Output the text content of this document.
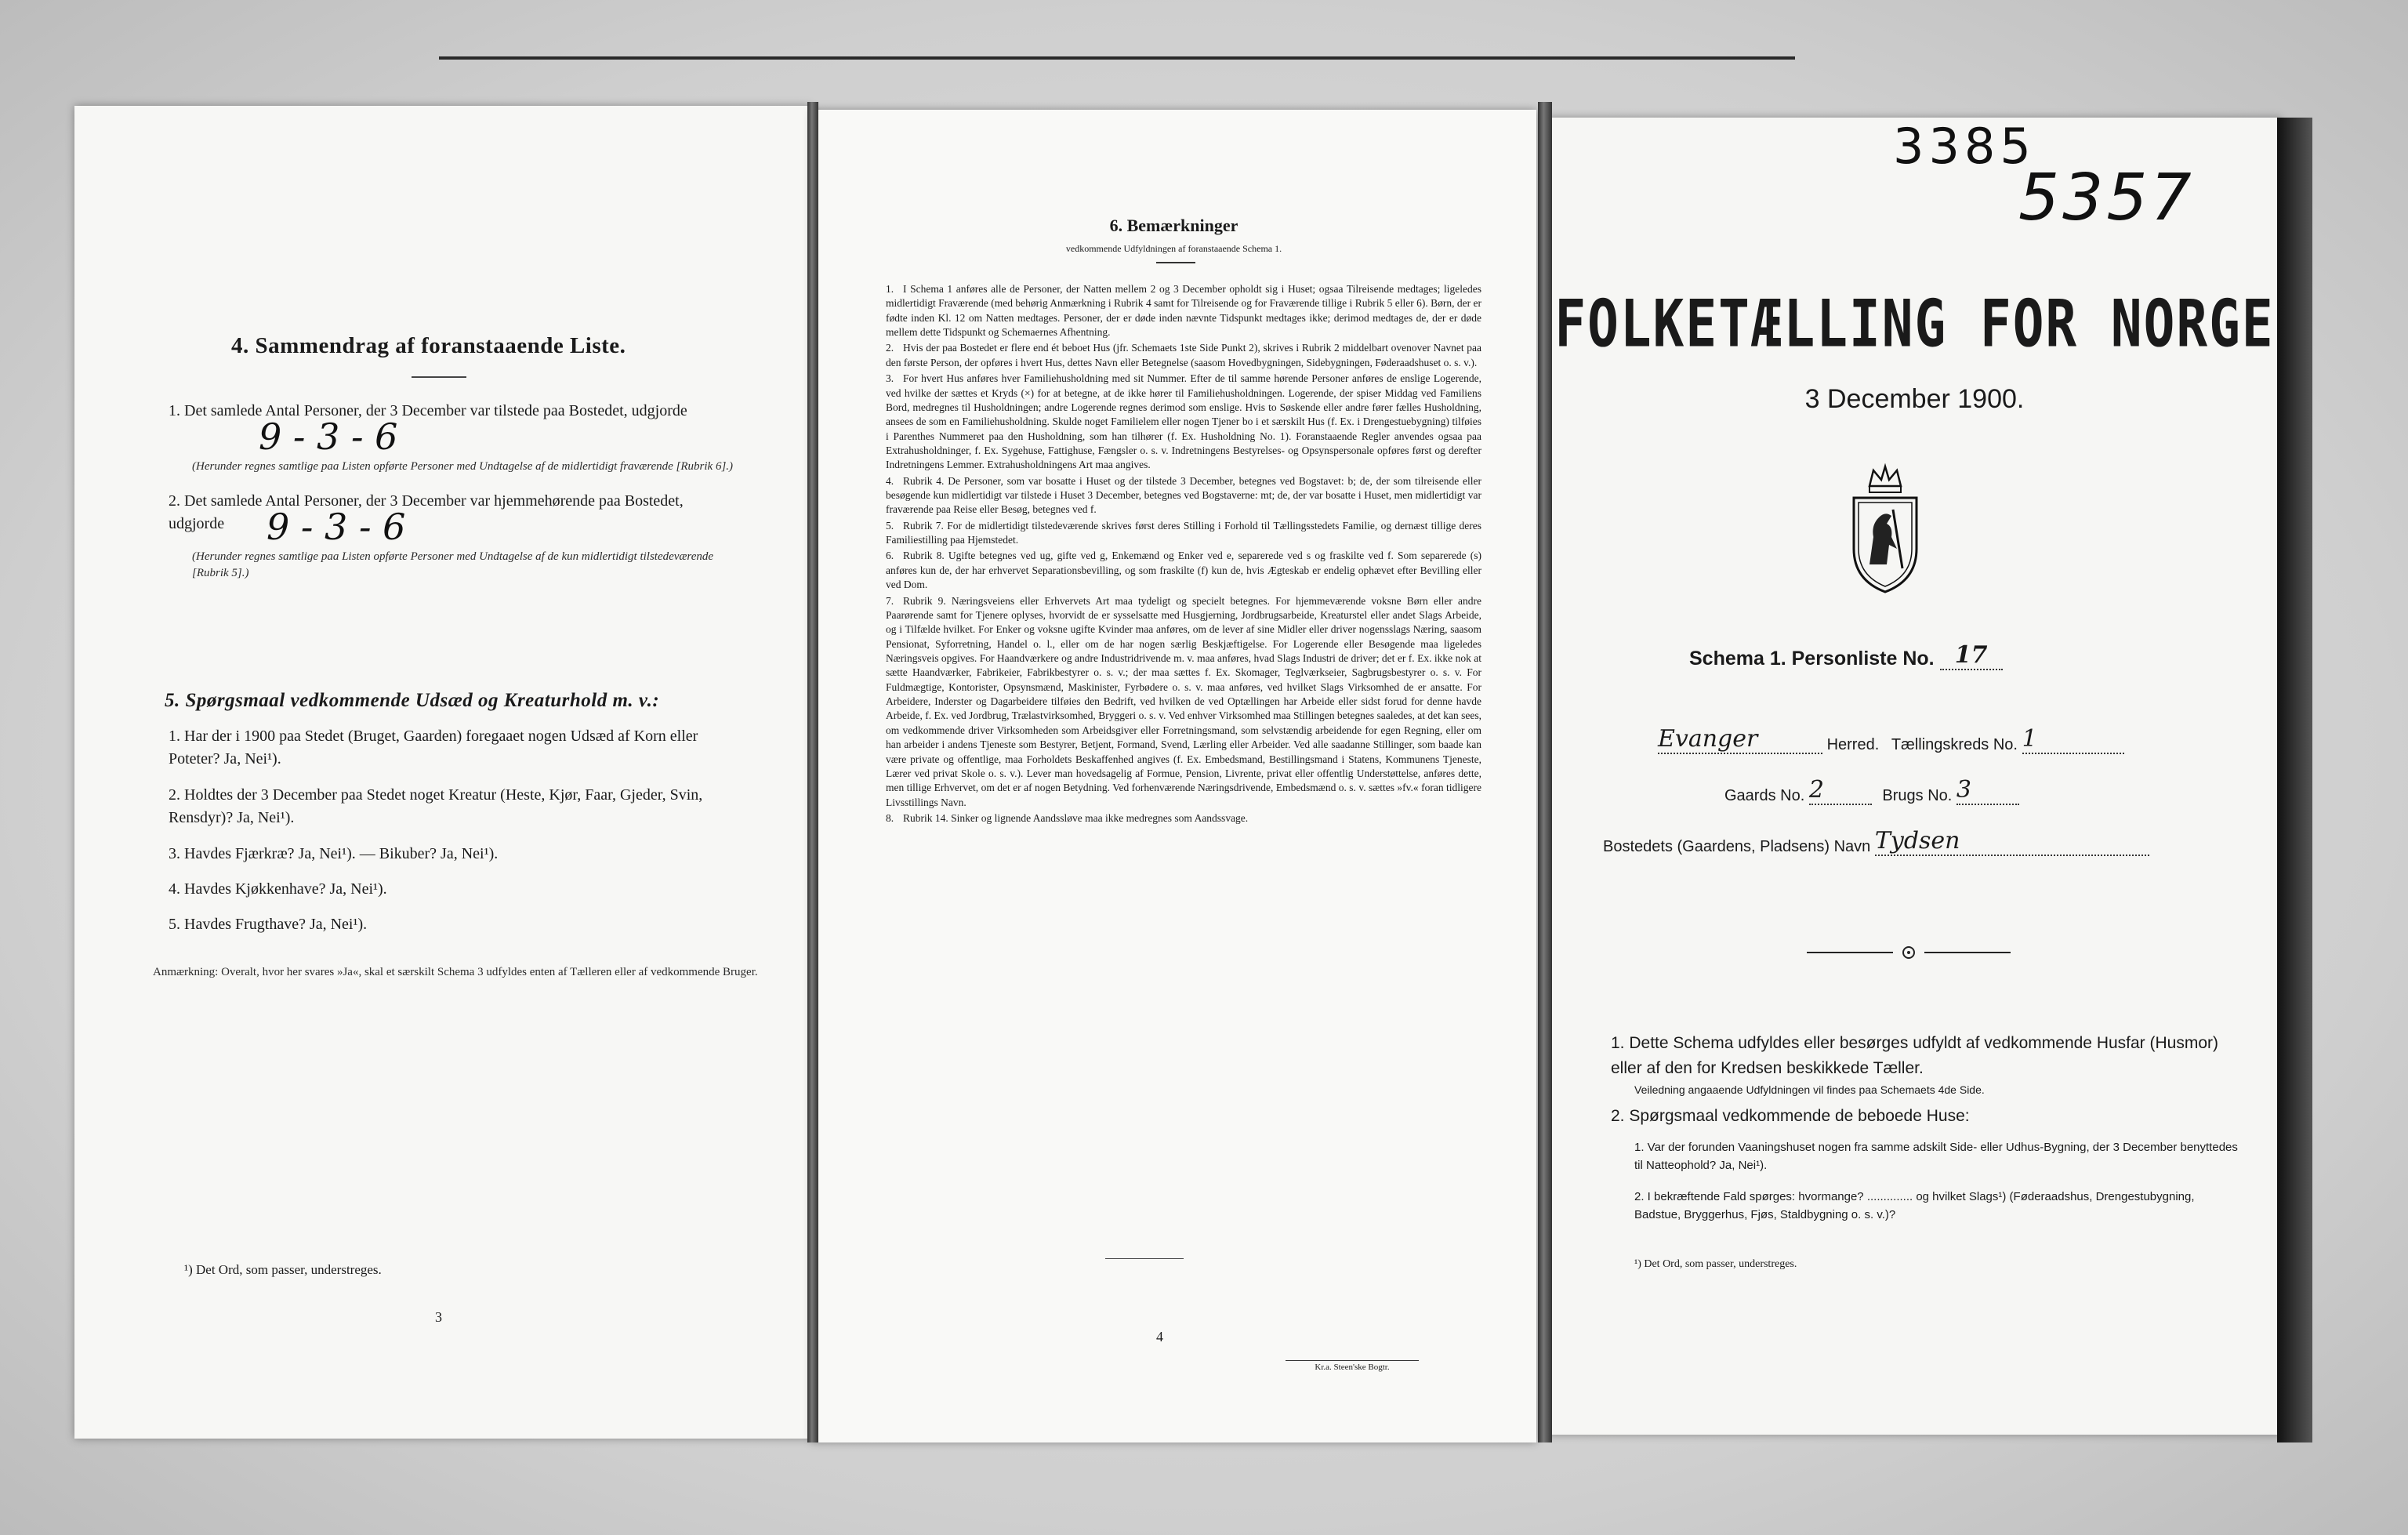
4. Sammendrag af foranstaaende Liste.
1. Det samlede Antal Personer, der 3 December var tilstede paa Bostedet, udgjorde
9 - 3 - 6
(Herunder regnes samtlige paa Listen opførte Personer med Undtagelse af de midlertidigt fraværende [Rubrik 6].)
2. Det samlede Antal Personer, der 3 December var hjemmehørende paa Bostedet, udgjorde	9 - 3 - 6
(Herunder regnes samtlige paa Listen opførte Personer med Undtagelse af de kun midlertidigt tilstedeværende [Rubrik 5].)
5. Spørgsmaal vedkommende Udsæd og Kreaturhold m. v.:
1. Har der i 1900 paa Stedet (Bruget, Gaarden) foregaaet nogen Udsæd af Korn eller Poteter? Ja, Nei¹).
2. Holdtes der 3 December paa Stedet noget Kreatur (Heste, Kjør, Faar, Gjeder, Svin, Rensdyr)? Ja, Nei¹).
3. Havdes Fjærkræ? Ja, Nei¹). — Bikuber? Ja, Nei¹).
4. Havdes Kjøkkenhave? Ja, Nei¹).
5. Havdes Frugthave? Ja, Nei¹).
Anmærkning: Overalt, hvor her svares »Ja«, skal et særskilt Schema 3 udfyldes enten af Tælleren eller af vedkommende Bruger.
¹) Det Ord, som passer, understreges.
3
6. Bemærkninger
vedkommende Udfyldningen af foranstaaende Schema 1.
1. I Schema 1 anføres alle de Personer, der Natten mellem 2 og 3 December opholdt sig i Huset; ogsaa Tilreisende medtages; ligeledes midlertidigt Fraværende (med behørig Anmærkning i Rubrik 4 samt for Tilreisende og for Fraværende tillige i Rubrik 5 eller 6). Børn, der er fødte inden Kl. 12 om Natten medtages. Personer, der er døde inden nævnte Tidspunkt medtages ikke; derimod medtages de, der er døde mellem dette Tidspunkt og Schemaernes Afhentning.
2. Hvis der paa Bostedet er flere end ét beboet Hus (jfr. Schemaets 1ste Side Punkt 2), skrives i Rubrik 2 middelbart ovenover Navnet paa den første Person, der opføres i hvert Hus, dettes Navn eller Betegnelse (saasom Hovedbygningen, Sidebygningen, Føderaadshuset o. s. v.).
3. For hvert Hus anføres hver Familiehusholdning med sit Nummer. Efter de til samme hørende Personer anføres de enslige Logerende, ved hvilke der sættes et Kryds (×) for at betegne, at de ikke hører til Familiehusholdningen. Logerende, der spiser Middag ved Familiens Bord, medregnes til Husholdningen; andre Logerende regnes derimod som enslige. Hvis to Søskende eller andre fører fælles Husholdning, ansees de som en Familiehusholdning. Skulde noget Familielem eller nogen Tjener bo i et særskilt Hus (f. Ex. i Drengestuebygning) tilføies i Parenthes Nummeret paa den Husholdning, som han tilhører (f. Ex. Husholdning No. 1). Foranstaaende Regler anvendes ogsaa paa Extrahusholdninger, f. Ex. Sygehuse, Fattighuse, Fængsler o. s. v. Indretningens Bestyrelses- og Opsynspersonale opføres først og derefter Indretningens Lemmer. Extrahusholdningens Art maa angives.
4. Rubrik 4. De Personer, som var bosatte i Huset og der tilstede 3 December, betegnes ved Bogstavet: b; de, der som tilreisende eller besøgende kun midlertidigt var tilstede i Huset 3 December, betegnes ved Bogstaverne: mt; de, der var bosatte i Huset, men midlertidigt var fraværende paa Reise eller Besøg, betegnes ved f.
5. Rubrik 7. For de midlertidigt tilstedeværende skrives først deres Stilling i Forhold til Tællingsstedets Familie, og dernæst tillige deres Familiestilling paa Hjemstedet.
6. Rubrik 8. Ugifte betegnes ved ug, gifte ved g, Enkemænd og Enker ved e, separerede ved s og fraskilte ved f. Som separerede (s) anføres kun de, der har erhvervet Separationsbevilling, og som fraskilte (f) kun de, hvis Ægteskab er endelig ophævet efter Bevilling eller ved Dom.
7. Rubrik 9. Næringsveiens eller Erhvervets Art maa tydeligt og specielt betegnes. For hjemmeværende voksne Børn eller andre Paarørende samt for Tjenere oplyses, hvorvidt de er sysselsatte med Husgjerning, Jordbrugsarbeide, Kreaturstel eller andet Slags Arbeide, og i Tilfælde hvilket. For Enker og voksne ugifte Kvinder maa anføres, om de lever af sine Midler eller driver nogensslags Næring, saasom Pensionat, Syforretning, Handel o. l., eller om de har nogen særlig Beskjæftigelse. For Logerende eller Besøgende maa ligeledes Næringsveis opgives. For Haandværkere og andre Industridrivende m. v. maa anføres, hvad Slags Industri de driver; det er f. Ex. ikke nok at sætte Haandværker, Fabrikeier, Fabrikbestyrer o. s. v.; der maa sættes f. Ex. Skomager, Teglværkseier, Sagbrugsbestyrer o. s. v. For Fuldmægtige, Kontorister, Opsynsmænd, Maskinister, Fyrbødere o. s. v. maa anføres, ved hvilket Slags Virksomhed de er ansatte. For Arbeidere, Inderster og Dagarbeidere tilføies den Bedrift, ved hvilken de ved Optællingen har Arbeide eller sidst forud for denne havde Arbeide, f. Ex. ved Jordbrug, Trælastvirksomhed, Bryggeri o. s. v. Ved enhver Virksomhed maa Stillingen betegnes saaledes, at det kan sees, om vedkommende driver Virksomheden som Arbeidsgiver eller Forretningsmand, som selvstændig arbeidende for egen Regning, eller om han arbeider i andens Tjeneste som Bestyrer, Betjent, Formand, Svend, Lærling eller Arbeider. Ved alle saadanne Stillinger, som baade kan være private og offentlige, maa Forholdets Beskaffenhed angives (f. Ex. Embedsmand, Bestillingsmand i Statens, Kommunens Tjeneste, Lærer ved privat Skole o. s. v.). Lever man hovedsagelig af Formue, Pension, Livrente, privat eller offentlig Understøttelse, anføres dette, men tillige Erhvervet, om det er af nogen Betydning. Ved forhenværende Næringsdrivende, Embedsmænd o. s. v. sættes »fv.« foran tidligere Livsstillings Navn.
8. Rubrik 14. Sinker og lignende Aandssløve maa ikke medregnes som Aandssvage.
4
Kr.a. Steen'ske Bogtr.
3385
5357
FOLKETÆLLING FOR NORGE
3 December 1900.
Schema 1. Personliste No. 17
Evanger	Herred. Tællingskreds No. 1
Gaards No. 2	Brugs No. 3
Bostedets (Gaardens, Pladsens) Navn Tydsen
1. Dette Schema udfyldes eller besørges udfyldt af vedkommende Husfar (Husmor) eller af den for Kredsen beskikkede Tæller.
Veiledning angaaende Udfyldningen vil findes paa Schemaets 4de Side.
2. Spørgsmaal vedkommende de beboede Huse:
1. Var der forunden Vaaningshuset nogen fra samme adskilt Side- eller Udhus-Bygning, der 3 December benyttedes til Natteophold? Ja, Nei¹).
2. I bekræftende Fald spørges: hvormange? .............. og hvilket Slags¹) (Føderaadshus, Drengestubygning, Badstue, Bryggerhus, Fjøs, Staldbygning o. s. v.)?
¹) Det Ord, som passer, understreges.
